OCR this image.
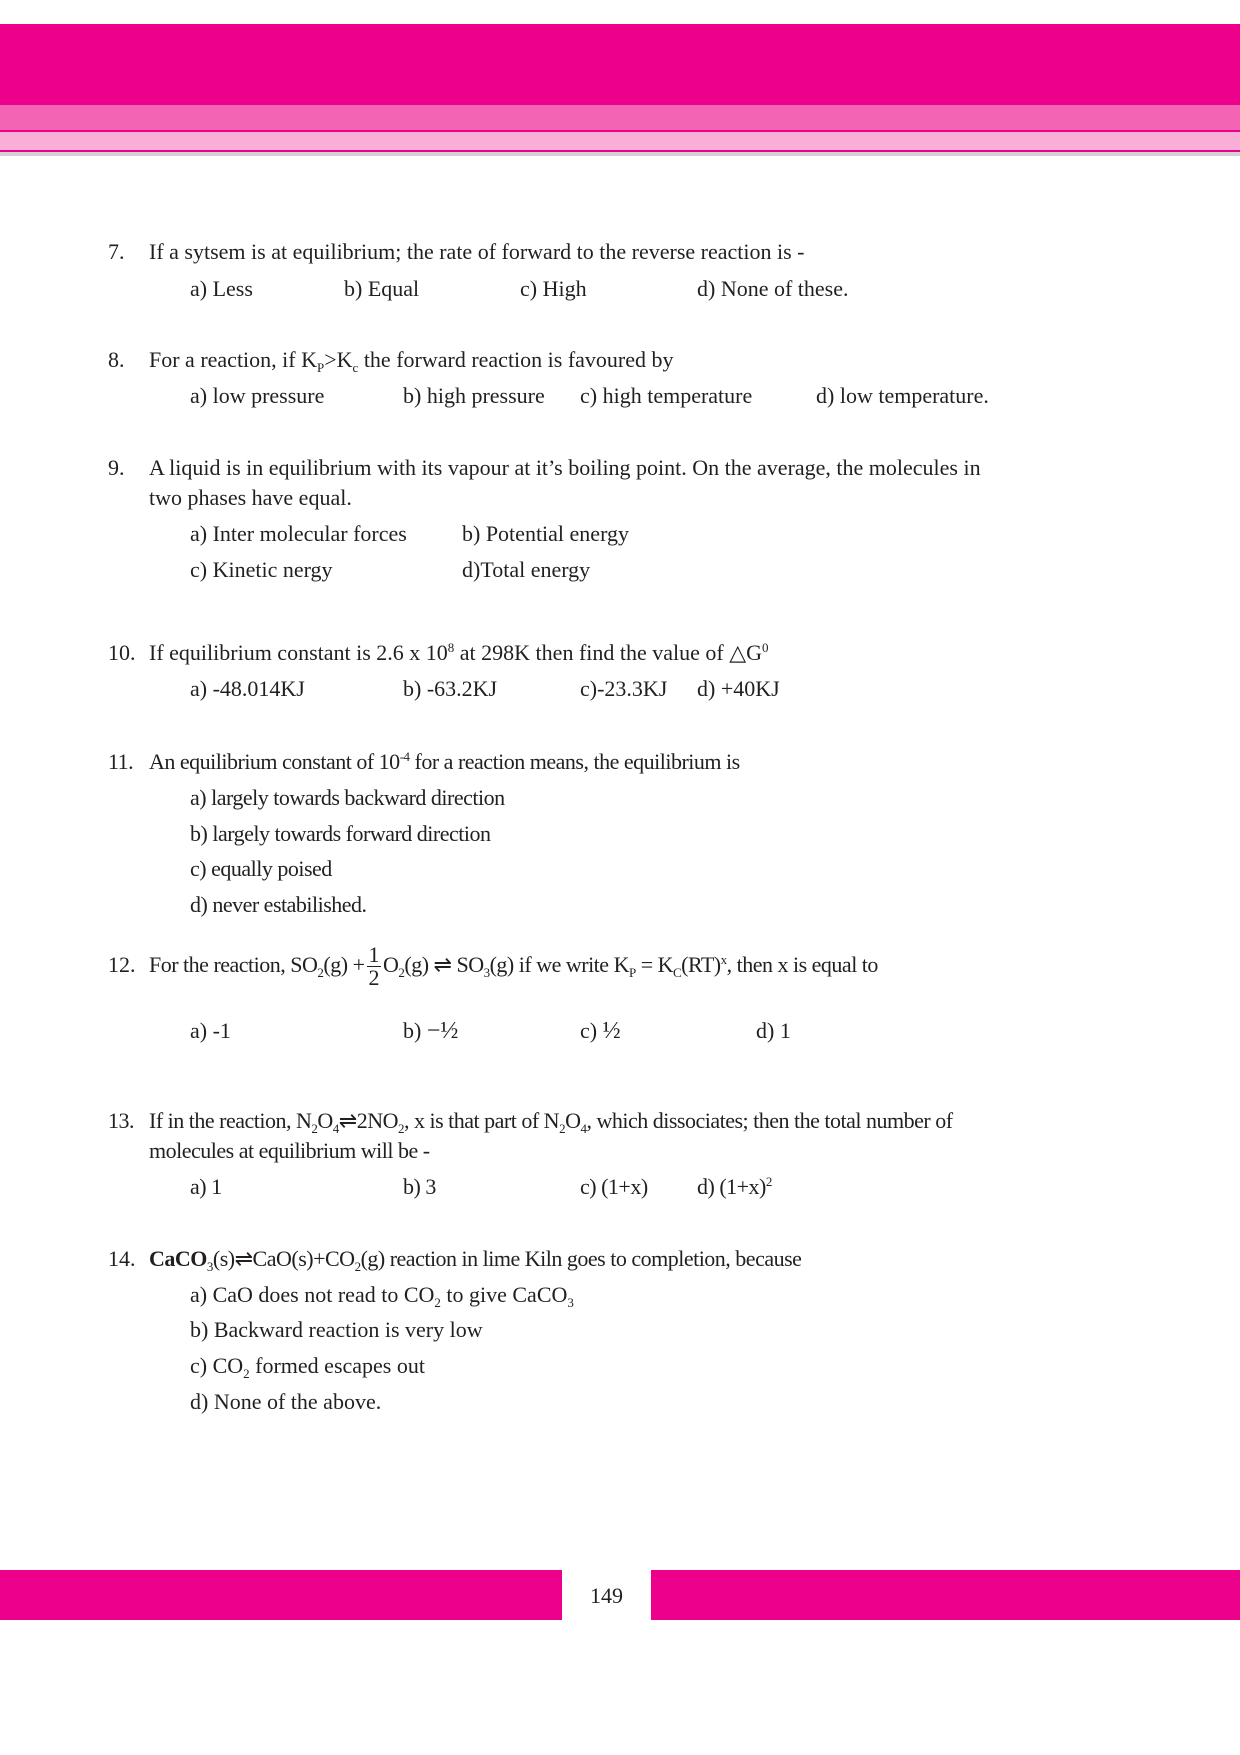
7. If a sytsem is at equilibrium; the rate of forward to the reverse reaction is -
a) Less	b) Equal	c) High	d) None of these.
8. For a reaction, if $K_P>K_c$ the forward reaction is favoured by
a) low pressure	b) high pressure c) high temperature	d) low temperature.
9. A liquid is in equilibrium with its vapour at it’s boiling point. On the average, the molecules in
two phases have equal.
a) Inter molecular forces	b) Potential energy
c) Kinetic nergy	d)Total energy
10. If equilibrium constant is 2.6 x $10^8$ at 298K then find the value of $\triangle G^0$
a) -48.014KJ	b) -63.2KJ	c)-23.3KJ d) +40KJ
11. An equilibrium constant of $10^{-4}$ for a reaction means, the equilibrium is
a) largely towards backward direction
b) largely towards forward direction
c) equally poised
d) never estabilished.
12. For the reaction, $SO_2(g) + \frac{1}{2} O_2(g)$ ⇌ $SO_3(g)$ if we write $K_P = K_C(RT)^x$, then x is equal to
a) -1	b) −½	c) ½	d) 1
13. If in the reaction, $N_2O_4\rightleftharpoons 2NO_2$, x is that part of $N_2O_4$, which dissociates; then the total number of
molecules at equilibrium will be -
a) 1	b) 3	c) (1+x) d) $(1+x)^2$
14. $CaCO_3(s)\rightleftharpoons CaO(s)+CO_2(g)$ reaction in lime Kiln goes to completion, because
a) CaO does not read to $CO_2$ to give CaCO$_3$
b) Backward reaction is very low
c) $CO_2$ formed escapes out
d) None of the above.
149
